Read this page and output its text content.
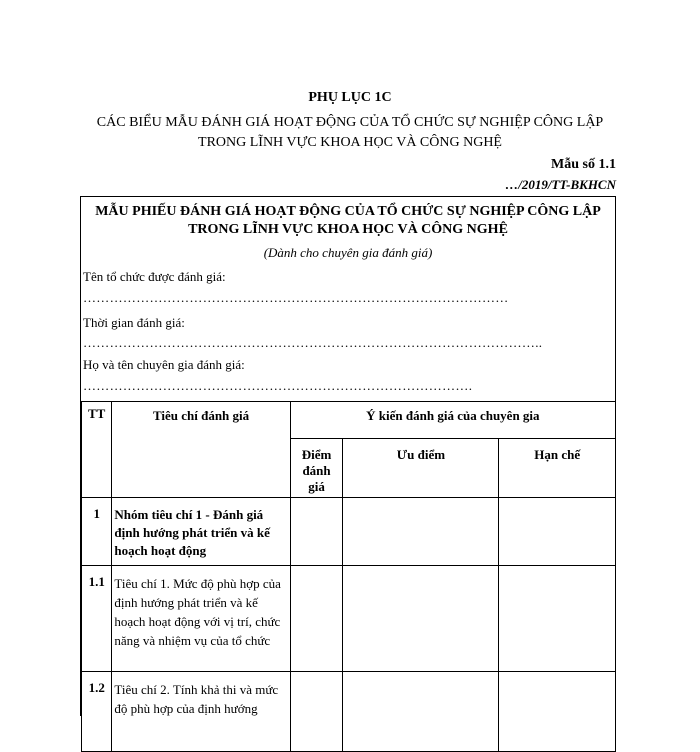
PHỤ LỤC 1C
CÁC BIỂU MẪU ĐÁNH GIÁ HOẠT ĐỘNG CỦA TỔ CHỨC SỰ NGHIỆP CÔNG LẬP
TRONG LĨNH VỰC KHOA HỌC VÀ CÔNG NGHỆ
Mẫu số 1.1
…/2019/TT-BKHCN
MẪU PHIẾU ĐÁNH GIÁ HOẠT ĐỘNG CỦA TỔ CHỨC SỰ NGHIỆP CÔNG LẬP
TRONG LĨNH VỰC KHOA HỌC VÀ CÔNG NGHỆ
(Dành cho chuyên gia đánh giá)
Tên tổ chức được đánh giá:
……………………………………………………………………………………
Thời gian đánh giá:
…………………………………………………………………………………………..
Họ và tên chuyên gia đánh giá:
…………………………………………………………………………….
TT	Tiêu chí đánh giá	Ý kiến đánh giá của chuyên gia		
		Điểm đánh giá	Ưu điểm	Hạn chế
1	Nhóm tiêu chí 1 - Đánh giá định hướng phát triển và kế hoạch hoạt động			
1.1	Tiêu chí 1. Mức độ phù hợp của định hướng phát triển và kế hoạch hoạt động với vị trí, chức năng và nhiệm vụ của tổ chức			
1.2	Tiêu chí 2. Tính khả thi và mức độ phù hợp của định hướng			
